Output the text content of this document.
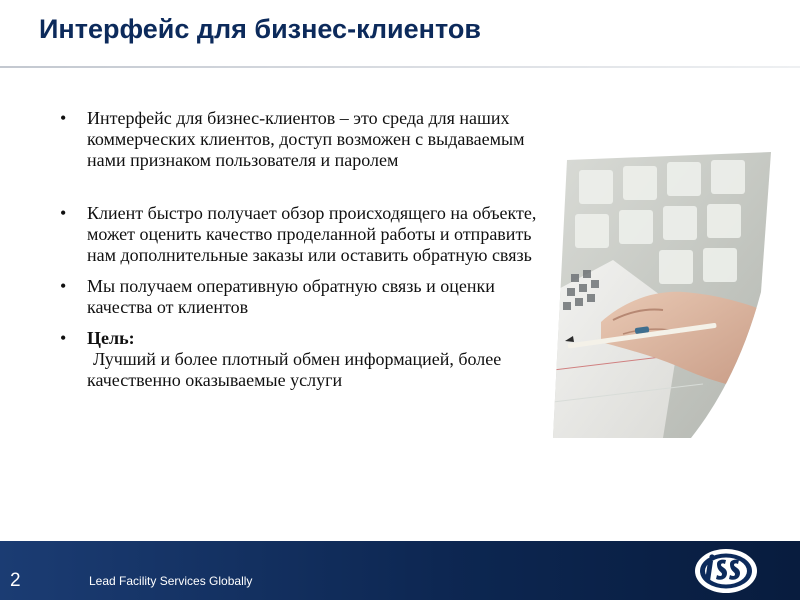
Интерфейс для бизнес-клиентов
• Интерфейс для бизнес-клиентов – это среда для наших коммерческих клиентов, доступ возможен с выдаваемым нами признаком пользователя и паролем
• Клиент быстро получает обзор происходящего на объекте, может оценить качество проделанной работы и отправить нам дополнительные заказы или оставить обратную связь
• Мы получаем оперативную обратную связь и оценки качества от клиентов
• Цель:
Лучший и более плотный обмен информацией, более качественно оказываемые услуги
2	Lead Facility Services Globally
